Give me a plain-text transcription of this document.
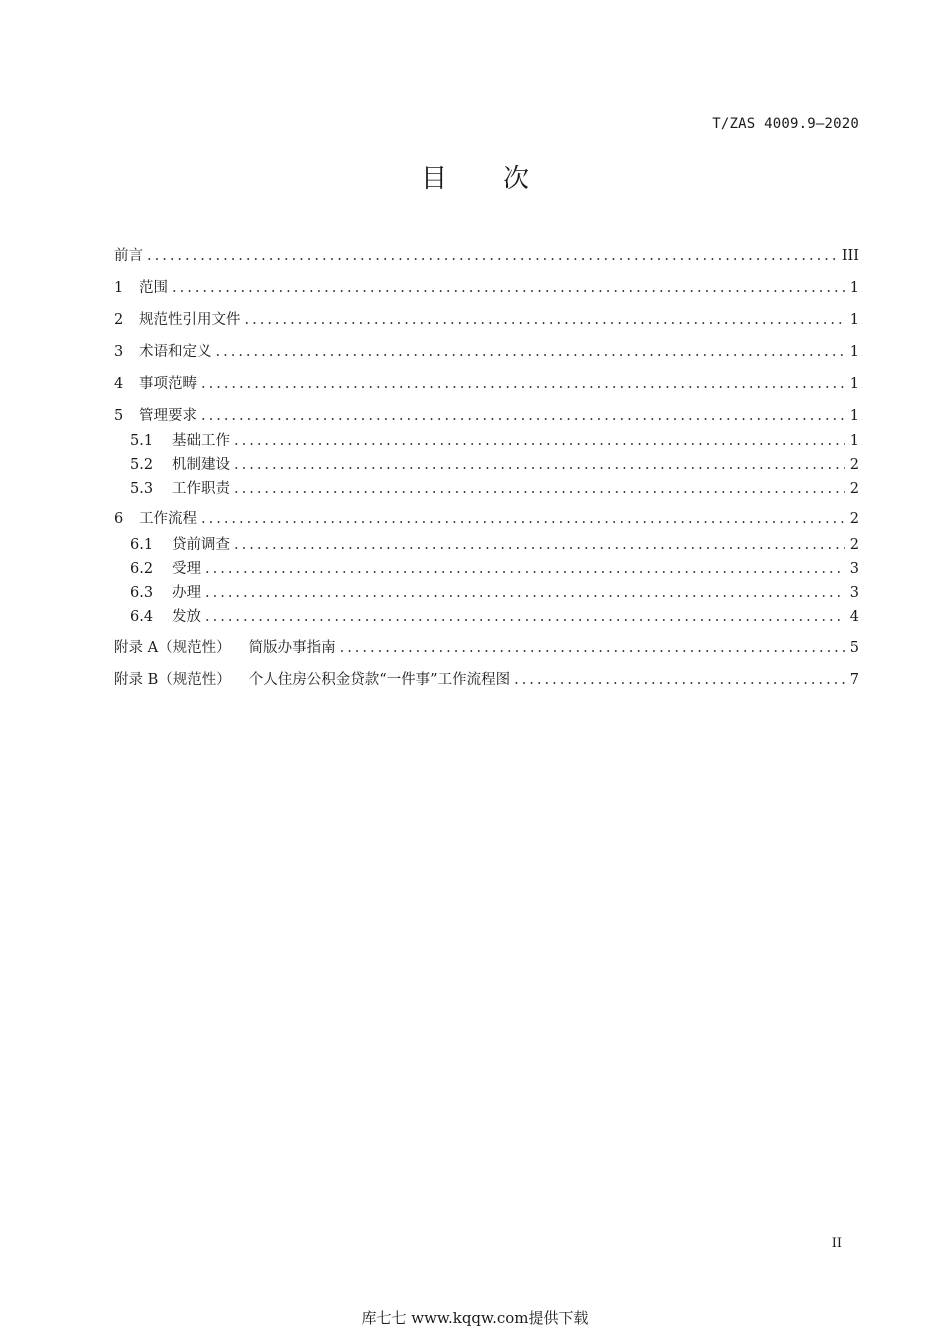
T/ZAS 4009.9—2020
目 次
前言 .....	III
1	范围 .....	1
2	规范性引用文件 .....	1
3	术语和定义 .....	1
4	事项范畴 .....	1
5	管理要求 .....	1
5.1	基础工作 .....	1
5.2	机制建设 .....	2
5.3	工作职责 .....	2
6	工作流程 .....	2
6.1	贷前调查 .....	2
6.2	受理 .....	3
6.3	办理 .....	3
6.4	发放 .....	4
附录 A（规范性） 简版办事指南 .....	5
附录 B（规范性） 个人住房公积金贷款“一件事”工作流程图 .....	7
II
库七七 www.kqqw.com提供下载
